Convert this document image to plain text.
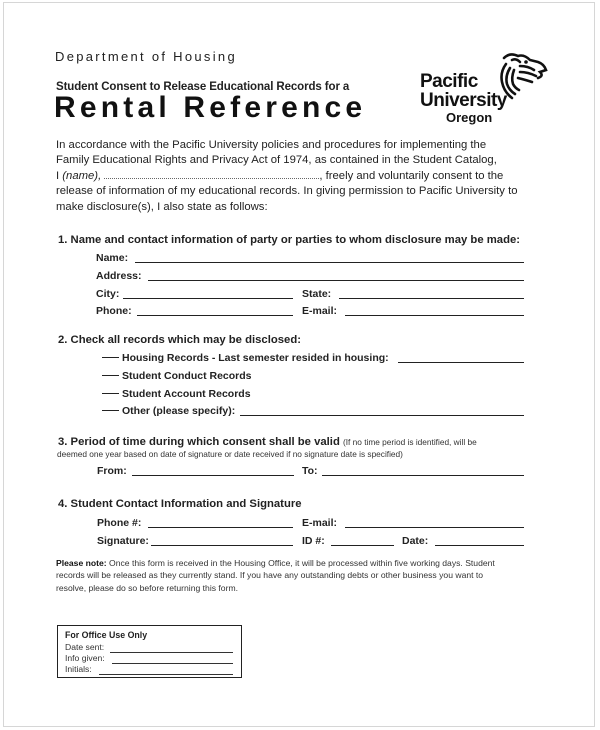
Department of Housing
Student Consent to Release Educational Records for a
Rental Reference
Pacific
University
Oregon
In accordance with the Pacific University policies and procedures for implementing the
Family Educational Rights and Privacy Act of 1974, as contained in the Student Catalog,
I (name),	, freely and voluntarily consent to the
release of information of my educational records. In giving permission to Pacific University to
make disclosure(s), I also state as follows:
1. Name and contact information of party or parties to whom disclosure may be made:
Name:
Address:
City:	State:
Phone:	E-mail:
2. Check all records which may be disclosed:
Housing Records - Last semester resided in housing:
Student Conduct Records
Student Account Records
Other (please specify):
3. Period of time during which consent shall be valid (If no time period is identified, will be
deemed one year based on date of signature or date received if no signature date is specified)
From:	To:
4. Student Contact Information and Signature
Phone #:	E-mail:
Signature:	ID #:	Date:
Please note: Once this form is received in the Housing Office, it will be processed within five working days. Student
records will be released as they currently stand. If you have any outstanding debts or other business you want to
resolve, please do so before returning this form.
For Office Use Only
Date sent:
Info given:
Initials:
